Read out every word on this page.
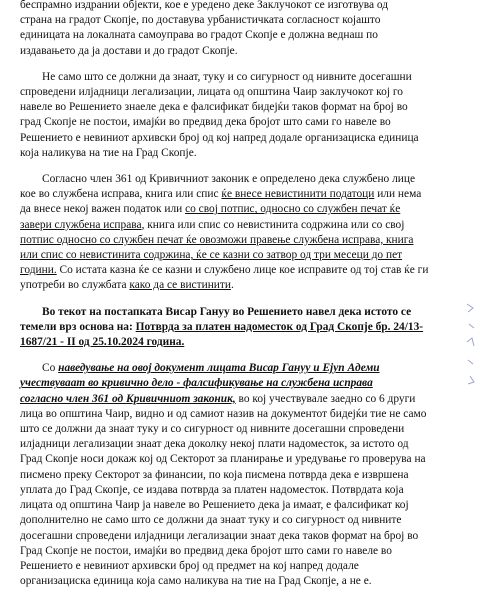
беспрамно издрании објекти, кое е уредено деке Заклучокот се изготвува од
страна на градот Скопје, по доставува урбанистичката согласност којашто
единицата на локалната самоуправа во градот Скопје е должна веднаш по
издавањето да ја достави и до градот Скопје.

Не само што се должни да знаат, туку и со сигурност од нивните досегашни
спроведени илјадници легализации, лицата од општина Чаир заклучокот кој го
навеле во Решението знаеле дека е фалсификат бидејќи таков формат на број во
град Скопје не постои, имајќи во предвид дека бројот што сами го навеле во
Решението е невиниот архивски број од кој напред додале организациска единица
која наликува на тие на Град Скопје.

Согласно член 361 од Кривичниот законик е определено дека службено лице
кое во службена исправа, книга или спис ќе внесе невистинити податоци или нема
да внесе некој важен податок или со свој потпис, односно со службен печат ќе
завери службена исправа, книга или спис со невистинита содржина или со свој
потпис односно со службен печат ќе овозможи правење службена исправа, книга
или спис со невистинита содржина, ќе се казни со затвор од три месеци до пет
години. Со истата казна ќе се казни и службено лице кое исправите од тој став ќе ги
употреби во службата како да се вистинити.

Во текот на постапката Висар Гануу во Решението навел дека истото се
темели врз основа на: Потврда за платен надоместок од Град Скопје бр. 24/13-
1687/21 - II од 25.10.2024 година.

Со наведување на овој документ лицата Висар Гануу и Ејуп Адеми
учествуваат во кривично дело - фалсификување на службена исправа
согласно член 361 од Кривичниот законик, во кој учествувале заедно со 6 други
лица во општина Чаир, видно и од самиот назив на документот бидејќи тие не само
што се должни да знаат туку и со сигурност од нивните досегашни спроведени
илјадници легализации знаат дека доколку некој плати надоместок, за истото од
Град Скопје носи докаж кој од Секторот за планирање и уредување го проверува на
писмено преку Секторот за финансии, по која писмена потврда дека е извршена
уплата до Град Скопје, се издава потврда за платен надоместок. Потврдата која
лицата од општина Чаир ја навеле во Решението дека ја имаат, е фалсификат кој
дополнително не само што се должни да знаат туку и со сигурност од нивните
досегашни спроведени илјадници легализации знаат дека таков формат на број во
Град Скопје не постои, имајќи во предвид дека бројот што сами го навеле во
Решението е невиниот архивски број од предмет на кој напред додале
организациска единица која само наликува на тие на Град Скопје, а не е.
